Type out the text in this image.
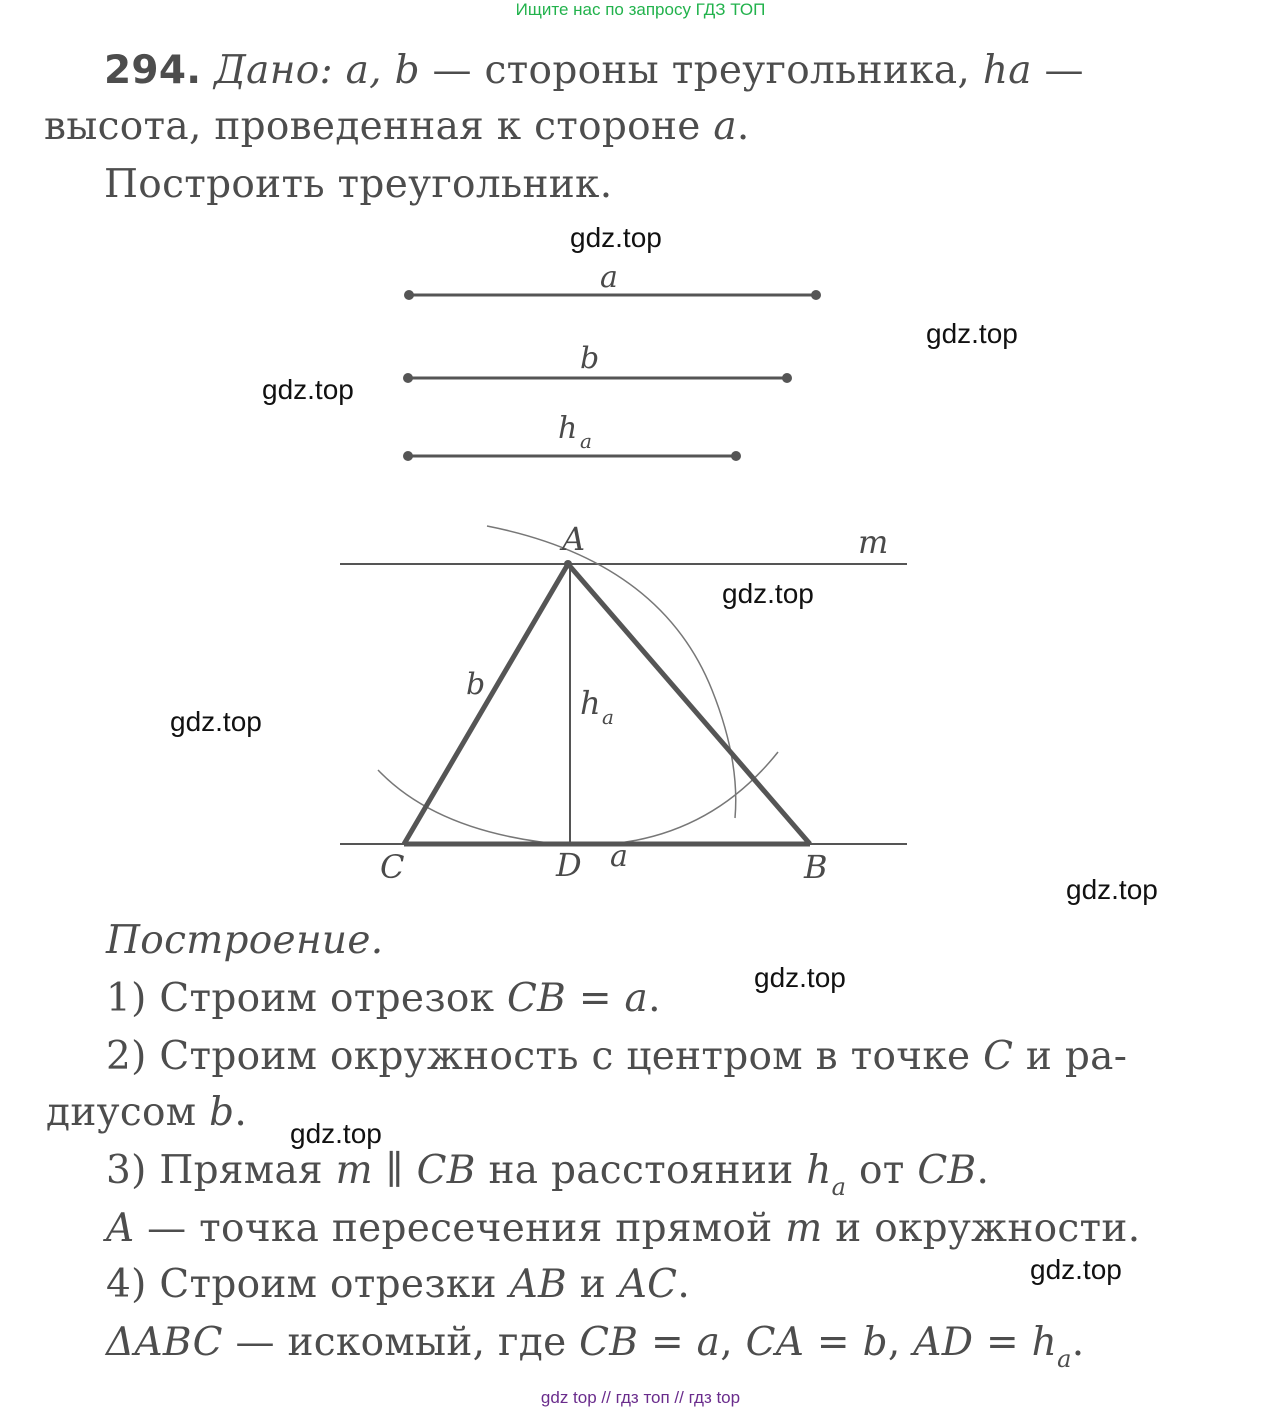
Ищите нас по запросу ГДЗ ТОП
294. Дано: a, b — стороны треугольника, ha —
высота, проведенная к стороне a.
Построить треугольник.
a
b
h a
A	m
b	h a
C	D a	B
Построение.
1) Строим отрезок CB = a.
2) Строим окружность с центром в точке C и ра-
диусом b.
3) Прямая m ∥ CB на расстоянии $h_a$ от CB.
A — точка пересечения прямой m и окружности.
4) Строим отрезки AB и AC.
ΔABC — искомый, где CB = a, CA = b, AD = $h_a$.
gdz.top
gdz.top
gdz.top
gdz.top
gdz.top
gdz.top
gdz.top
gdz.top
gdz.top
gdz top // гдз топ // гдз top
